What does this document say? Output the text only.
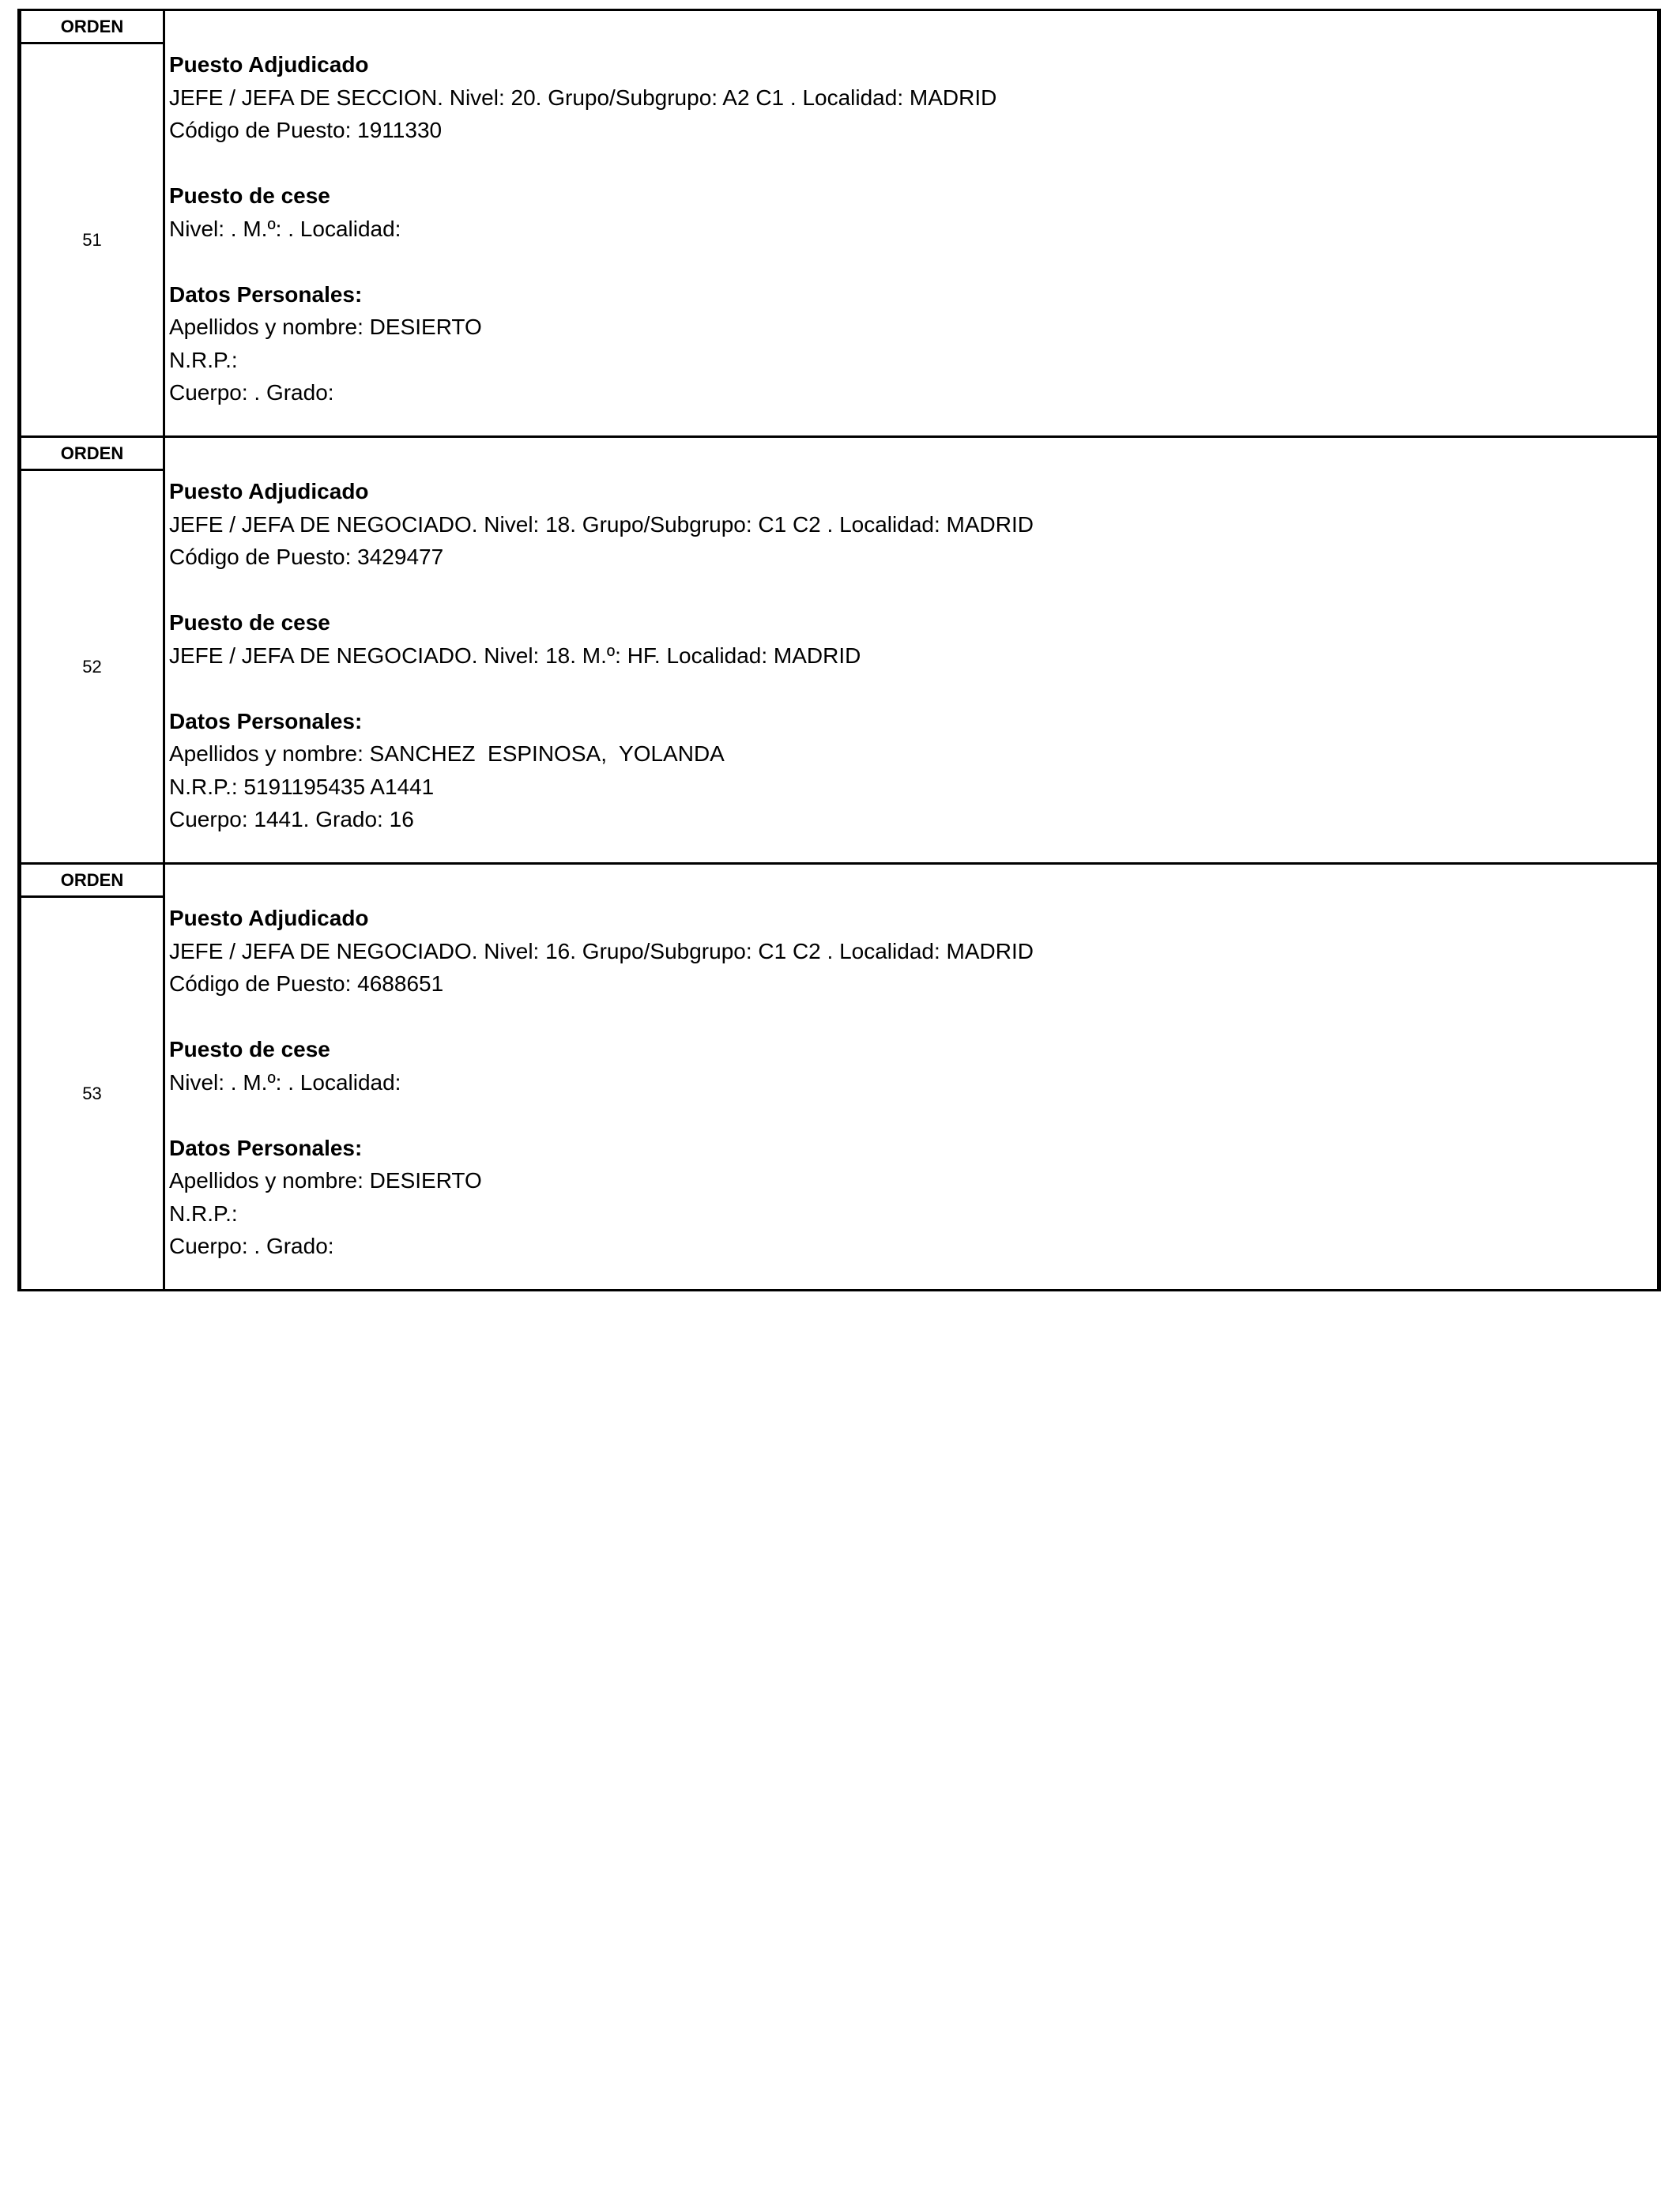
ORDEN
51
Puesto Adjudicado
JEFE / JEFA DE SECCION. Nivel: 20. Grupo/Subgrupo: A2 C1 . Localidad: MADRID
Código de Puesto: 1911330
Puesto de cese
Nivel: . M.º: . Localidad:
Datos Personales:
Apellidos y nombre: DESIERTO
N.R.P.:
Cuerpo: . Grado:
ORDEN
52
Puesto Adjudicado
JEFE / JEFA DE NEGOCIADO. Nivel: 18. Grupo/Subgrupo: C1 C2 . Localidad: MADRID
Código de Puesto: 3429477
Puesto de cese
JEFE / JEFA DE NEGOCIADO. Nivel: 18. M.º: HF. Localidad: MADRID
Datos Personales:
Apellidos y nombre: SANCHEZ  ESPINOSA,  YOLANDA
N.R.P.: 5191195435 A1441
Cuerpo: 1441. Grado: 16
ORDEN
53
Puesto Adjudicado
JEFE / JEFA DE NEGOCIADO. Nivel: 16. Grupo/Subgrupo: C1 C2 . Localidad: MADRID
Código de Puesto: 4688651
Puesto de cese
Nivel: . M.º: . Localidad:
Datos Personales:
Apellidos y nombre: DESIERTO
N.R.P.:
Cuerpo: . Grado:
